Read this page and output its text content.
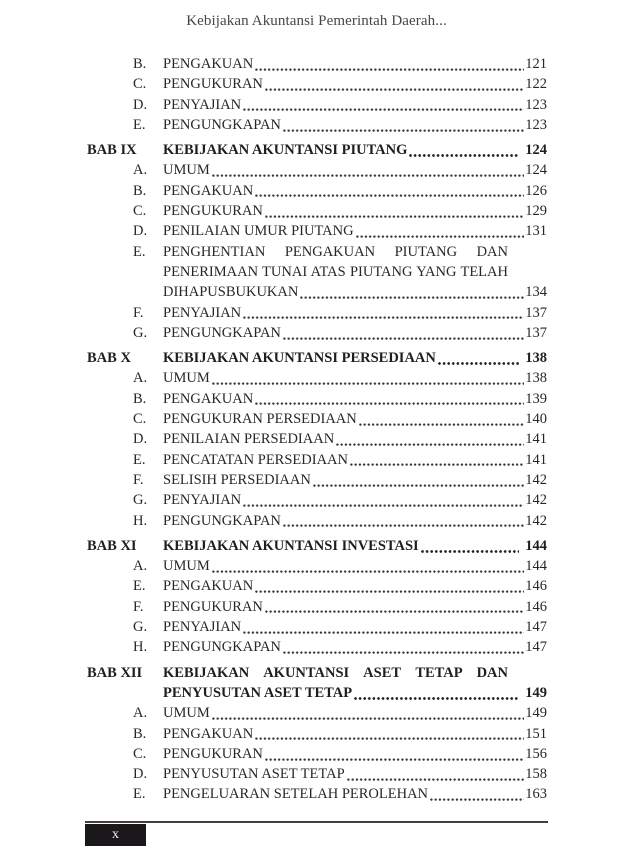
Kebijakan Akuntansi Pemerintah Daerah...
B.	PENGAKUAN	121
C.	PENGUKURAN	122
D.	PENYAJIAN	123
E.	PENGUNGKAPAN	123
BAB IX	KEBIJAKAN AKUNTANSI PIUTANG	124
A.	UMUM	124
B.	PENGAKUAN	126
C.	PENGUKURAN	129
D.	PENILAIAN UMUR PIUTANG	131
E.	PENGHENTIAN PENGAKUAN PIUTANG DAN
PENERIMAAN TUNAI ATAS PIUTANG YANG TELAH
DIHAPUSBUKUKAN	134
F.	PENYAJIAN	137
G.	PENGUNGKAPAN	137
BAB X	KEBIJAKAN AKUNTANSI PERSEDIAAN	138
A.	UMUM	138
B.	PENGAKUAN	139
C.	PENGUKURAN PERSEDIAAN	140
D.	PENILAIAN PERSEDIAAN	141
E.	PENCATATAN PERSEDIAAN	141
F.	SELISIH PERSEDIAAN	142
G.	PENYAJIAN	142
H.	PENGUNGKAPAN	142
BAB XI	KEBIJAKAN AKUNTANSI INVESTASI	144
A.	UMUM	144
E.	PENGAKUAN	146
F.	PENGUKURAN	146
G.	PENYAJIAN	147
H.	PENGUNGKAPAN	147
BAB XII	KEBIJAKAN AKUNTANSI ASET TETAP DAN
PENYUSUTAN ASET TETAP	149
A.	UMUM	149
B.	PENGAKUAN	151
C.	PENGUKURAN	156
D.	PENYUSUTAN ASET TETAP	158
E.	PENGELUARAN SETELAH PEROLEHAN	163
x
